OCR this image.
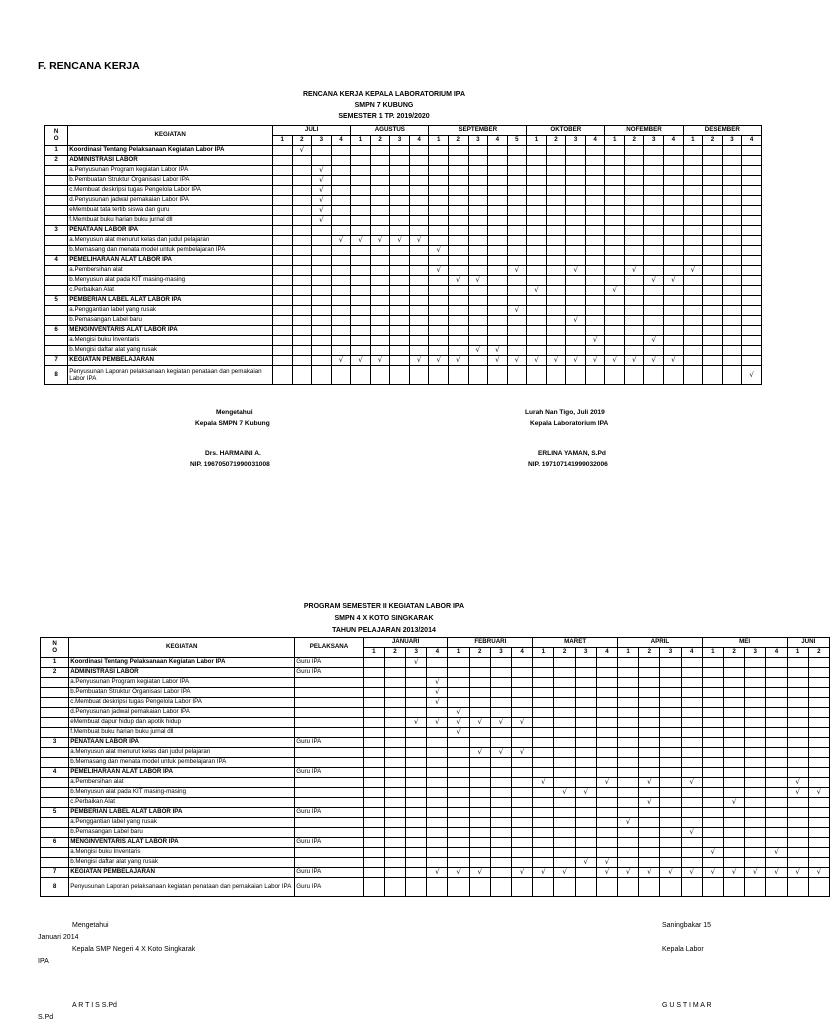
F. RENCANA KERJA
RENCANA KERJA KEPALA LABORATORIUM IPA
SMPN 7 KUBUNG
SEMESTER 1 TP. 2019/2020
N
O	KEGIATAN	JULI				AGUSTUS				SEPTEMBER					OKTOBER				NOFEMBER				DESEMBER			
		1	2	3	4	1	2	3	4	1	2	3	4	5	1	2	3	4	1	2	3	4	1	2	3	4
1	Koordinasi Tentang Pelaksanaan Kegiatan Labor IPA		√																							
2	ADMINISTRASI LABOR																									
	a.Penyusunan Program kegiatan Labor IPA			√																						
	b.Pembuatan Struktur Organisasi Labor IPA			√																						
	c.Membuat deskripsi tugas Pengelola Labor IPA			√																						
	d.Penyusunan jadwal pemakaian Labor IPA			√																						
	eMembuat tata tertib siswa dan guru			√																						
	f.Membuat buku harian buku jurnal dll			√																						
3	PENATAAN LABOR IPA																									
	a.Menyusun alat menurut kelas dan judul pelajaran				√	√	√	√	√																	
	b.Memasang dan menata model untuk pembelajaran IPA									√																
4	PEMELIHARAAN ALAT LABOR IPA																									
	a.Pembersihan alat									√				√			√			√			√			
	b.Menyusun alat pada KIT masing-masing										√	√									√	√				
	c.Perbaikan Alat														√				√							
5	PEMBERIAN LABEL ALAT LABOR IPA																									
	a.Penggantian label yang rusak													√												
	b.Pemasangan Label baru																√									
6	MENGINVENTARIS ALAT LABOR IPA																									
	a.Mengisi buku Inventaris																	√			√					
	b.Mengisi daftar alat yang rusak											√	√													
7	KEGIATAN PEMBELAJARAN				√	√	√		√	√	√		√	√	√	√	√	√	√	√	√	√				
8	Penyusunan Laporan pelaksanaan kegiatan penataan dan pemakaian Labor IPA																									√
Mengetahui
Kepala SMPN 7 Kubung
Drs. HARMAINI A.
NIP. 196705071990031008
Lurah Nan Tigo, Juli 2019
Kepala Laboratorium IPA
ERLINA YAMAN, S.Pd
NIP. 197107141999032006
PROGRAM SEMESTER II KEGIATAN LABOR IPA
SMPN 4 X KOTO SINGKARAK
TAHUN PELAJARAN 2013/2014
N
O	KEGIATAN	PELAKSANA	JANUARI				FEBRUARI				MARET				APRIL				MEI				JUNI	
			1	2	3	4	1	2	3	4	1	2	3	4	1	2	3	4	1	2	3	4	1	2
1	Koordinasi Tentang Pelaksanaan Kegiatan Labor IPA	Guru IPA			√																			
2	ADMINISTRASI LABOR	Guru IPA																						
	a.Penyusunan Program kegiatan Labor IPA					√																		
	b.Pembuatan Struktur Organisasi Labor IPA					√																		
	c.Membuat deskripsi tugas Pengelola Labor IPA					√																		
	d.Penyusunan jadwal pemakaian Labor IPA						√																	
	eMembuat dapur hidup dan apotik hidup				√	√	√	√	√	√														
	f.Membuat buku harian buku jurnal dll						√																	
3	PENATAAN LABOR IPA	Guru IPA																						
	a.Menyusun alat menurut kelas dan judul pelajaran							√	√	√														
	b.Memasang dan menata model untuk pembelajaran IPA																							
4	PEMELIHARAAN ALAT LABOR IPA	Guru IPA																						
	a.Pembersihan alat										√			√		√		√					√	
	b.Menyusun alat pada KIT masing-masing											√	√										√	√
	c.Perbaikan Alat															√				√				
5	PEMBERIAN LABEL ALAT LABOR IPA	Guru IPA																						
	a.Penggantian label yang rusak														√									
	b.Pemasangan Label baru																	√						
6	MENGINVENTARIS ALAT LABOR IPA	Guru IPA																						
	a.Mengisi buku Inventaris																		√			√		
	b.Mengisi daftar alat yang rusak												√	√										
7	KEGIATAN PEMBELAJARAN	Guru IPA				√	√	√		√	√	√		√	√	√	√	√	√	√	√	√	√	√
8	Penyusunan Laporan pelaksanaan kegiatan penataan dan pemakaian Labor IPA	Guru IPA																						
Mengetahui
Januari 2014
Kepala SMP Negeri 4 X Koto Singkarak
IPA
A R T I S S.Pd
S.Pd
Saningbakar 15
Kepala Labor
G U S T I M A R
